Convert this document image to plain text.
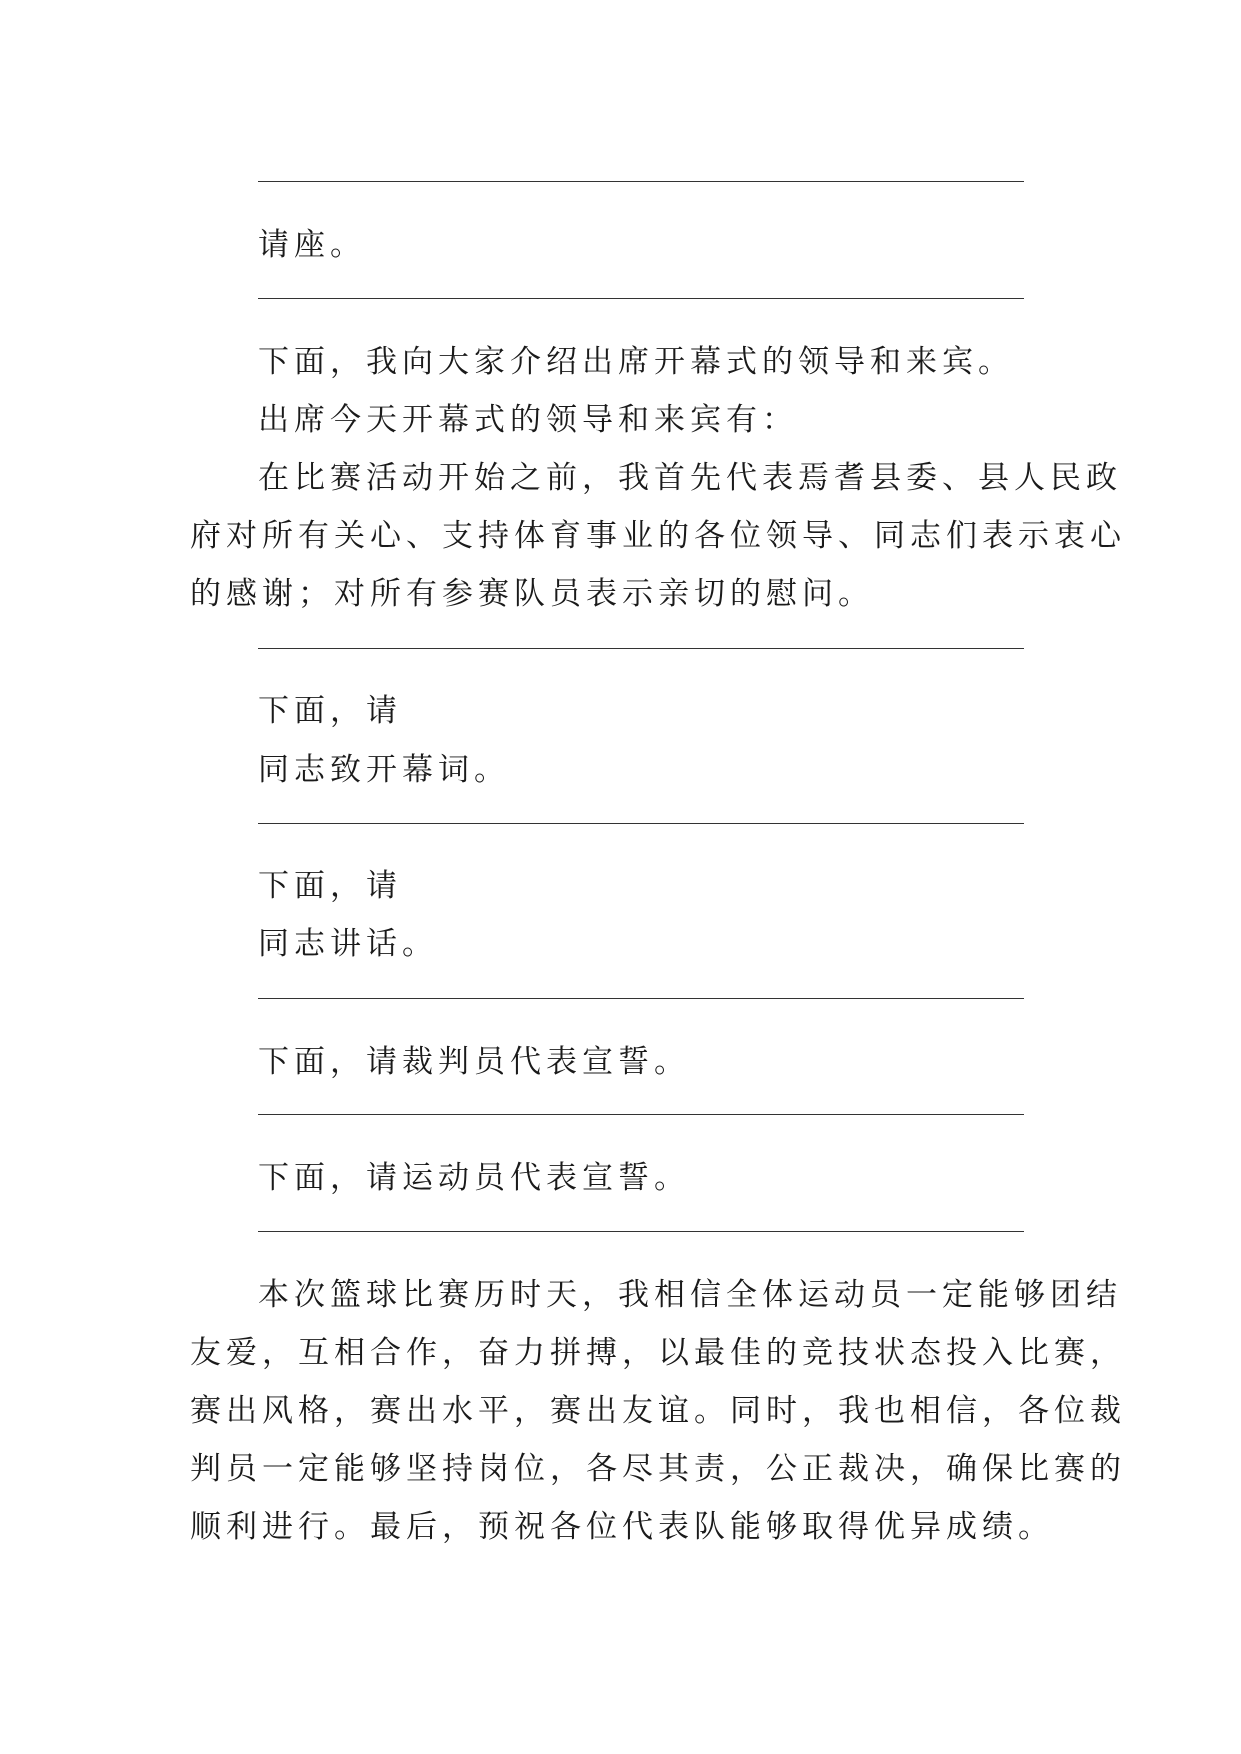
请座。
下面，我向大家介绍出席开幕式的领导和来宾。
出席今天开幕式的领导和来宾有：
在比赛活动开始之前，我首先代表焉耆县委、县人民政
府对所有关心、支持体育事业的各位领导、同志们表示衷心
的感谢；对所有参赛队员表示亲切的慰问。
下面，请
同志致开幕词。
下面，请
同志讲话。
下面，请裁判员代表宣誓。
下面，请运动员代表宣誓。
本次篮球比赛历时天，我相信全体运动员一定能够团结
友爱，互相合作，奋力拼搏，以最佳的竞技状态投入比赛，
赛出风格，赛出水平，赛出友谊。同时，我也相信，各位裁
判员一定能够坚持岗位，各尽其责，公正裁决，确保比赛的
顺利进行。最后，预祝各位代表队能够取得优异成绩。
